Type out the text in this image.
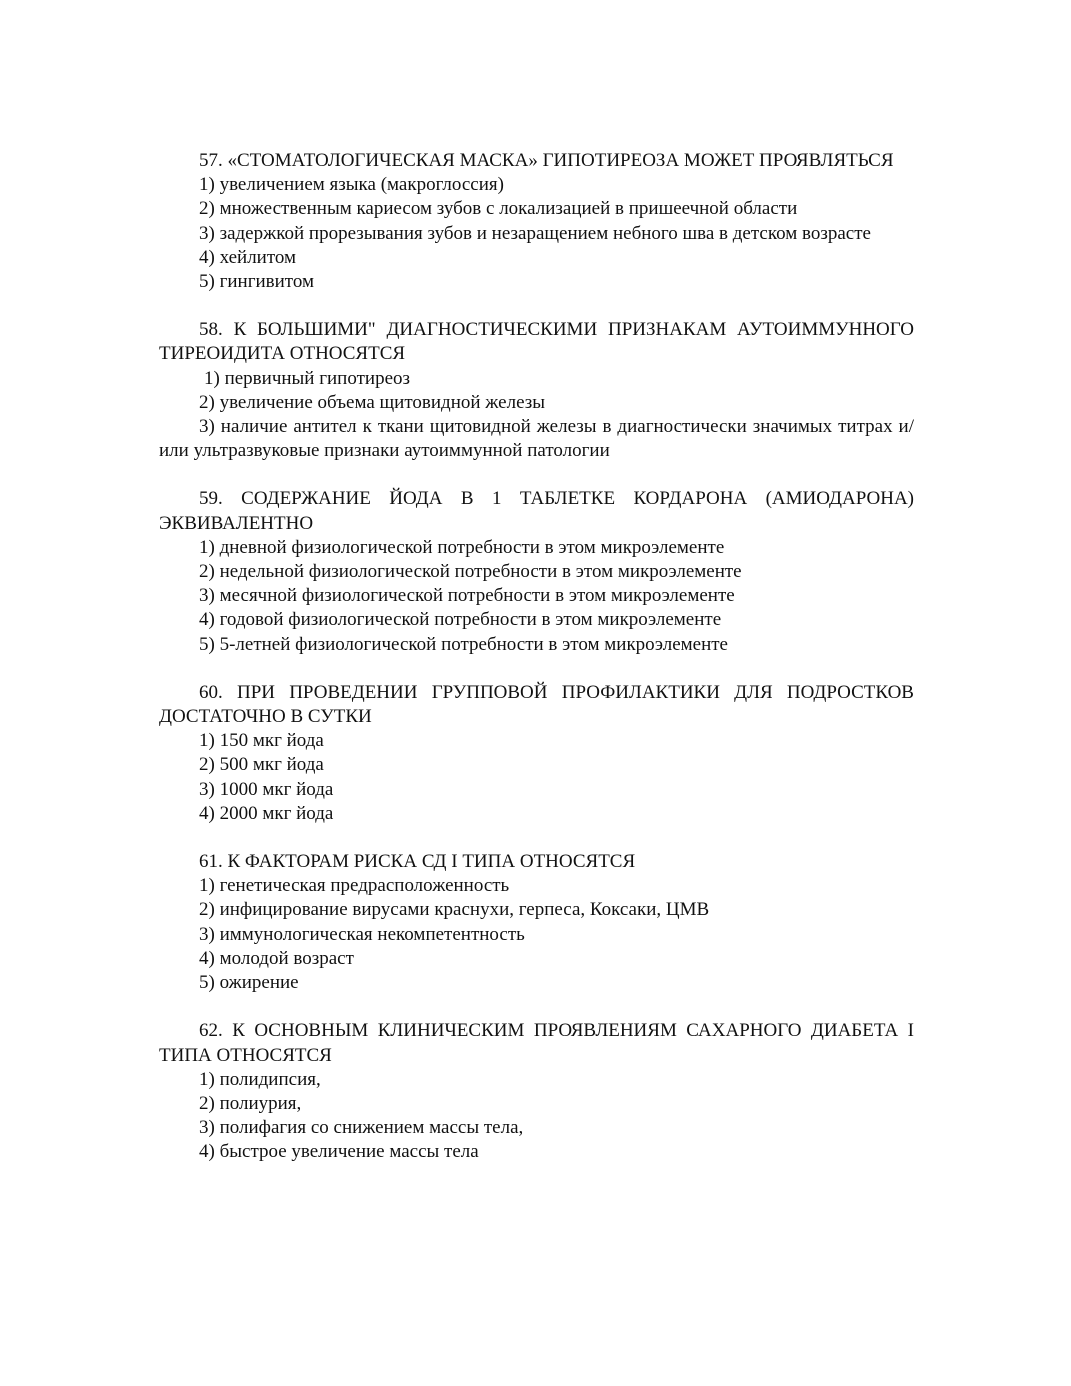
57. «СТОМАТОЛОГИЧЕСКАЯ МАСКА» ГИПОТИРЕОЗА МОЖЕТ ПРОЯВЛЯТЬСЯ

1) увеличением языка (макроглоссия)

2) множественным кариесом зубов с локализацией в пришеечной области

3) задержкой прорезывания зубов и незаращением небного шва в детском возрасте

4) хейлитом

5) гингивитом

58. К БОЛЬШИМИ" ДИАГНОСТИЧЕСКИМИ ПРИЗНАКАМ АУТОИММУННОГО ТИРЕОИДИТА ОТНОСЯТСЯ

1) первичный гипотиреоз

2) увеличение объема щитовидной железы

3) наличие антител к ткани щитовидной железы в диагностически значимых титрах и/или ультразвуковые признаки аутоиммунной патологии

59. СОДЕРЖАНИЕ ЙОДА В 1 ТАБЛЕТКЕ КОРДАРОНА (АМИОДАРОНА) ЭКВИВАЛЕНТНО

1) дневной физиологической потребности в этом микроэлементе

2) недельной физиологической потребности в этом микроэлементе

3) месячной физиологической потребности в этом микроэлементе

4) годовой физиологической потребности в этом микроэлементе

5) 5-летней физиологической потребности в этом микроэлементе

60. ПРИ ПРОВЕДЕНИИ ГРУППОВОЙ ПРОФИЛАКТИКИ ДЛЯ ПОДРОСТКОВ ДОСТАТОЧНО В СУТКИ

1) 150 мкг йода

2) 500 мкг йода

3) 1000 мкг йода

4) 2000 мкг йода

61. К ФАКТОРАМ РИСКА СД I ТИПА ОТНОСЯТСЯ

1) генетическая предрасположенность

2) инфицирование вирусами краснухи, герпеса, Коксаки, ЦМВ

3) иммунологическая некомпетентность

4) молодой возраст

5) ожирение

62. К ОСНОВНЫМ КЛИНИЧЕСКИМ ПРОЯВЛЕНИЯМ САХАРНОГО ДИАБЕТА I ТИПА ОТНОСЯТСЯ

1) полидипсия,

2) полиурия,

3) полифагия со снижением массы тела,

4) быстрое увеличение массы тела
